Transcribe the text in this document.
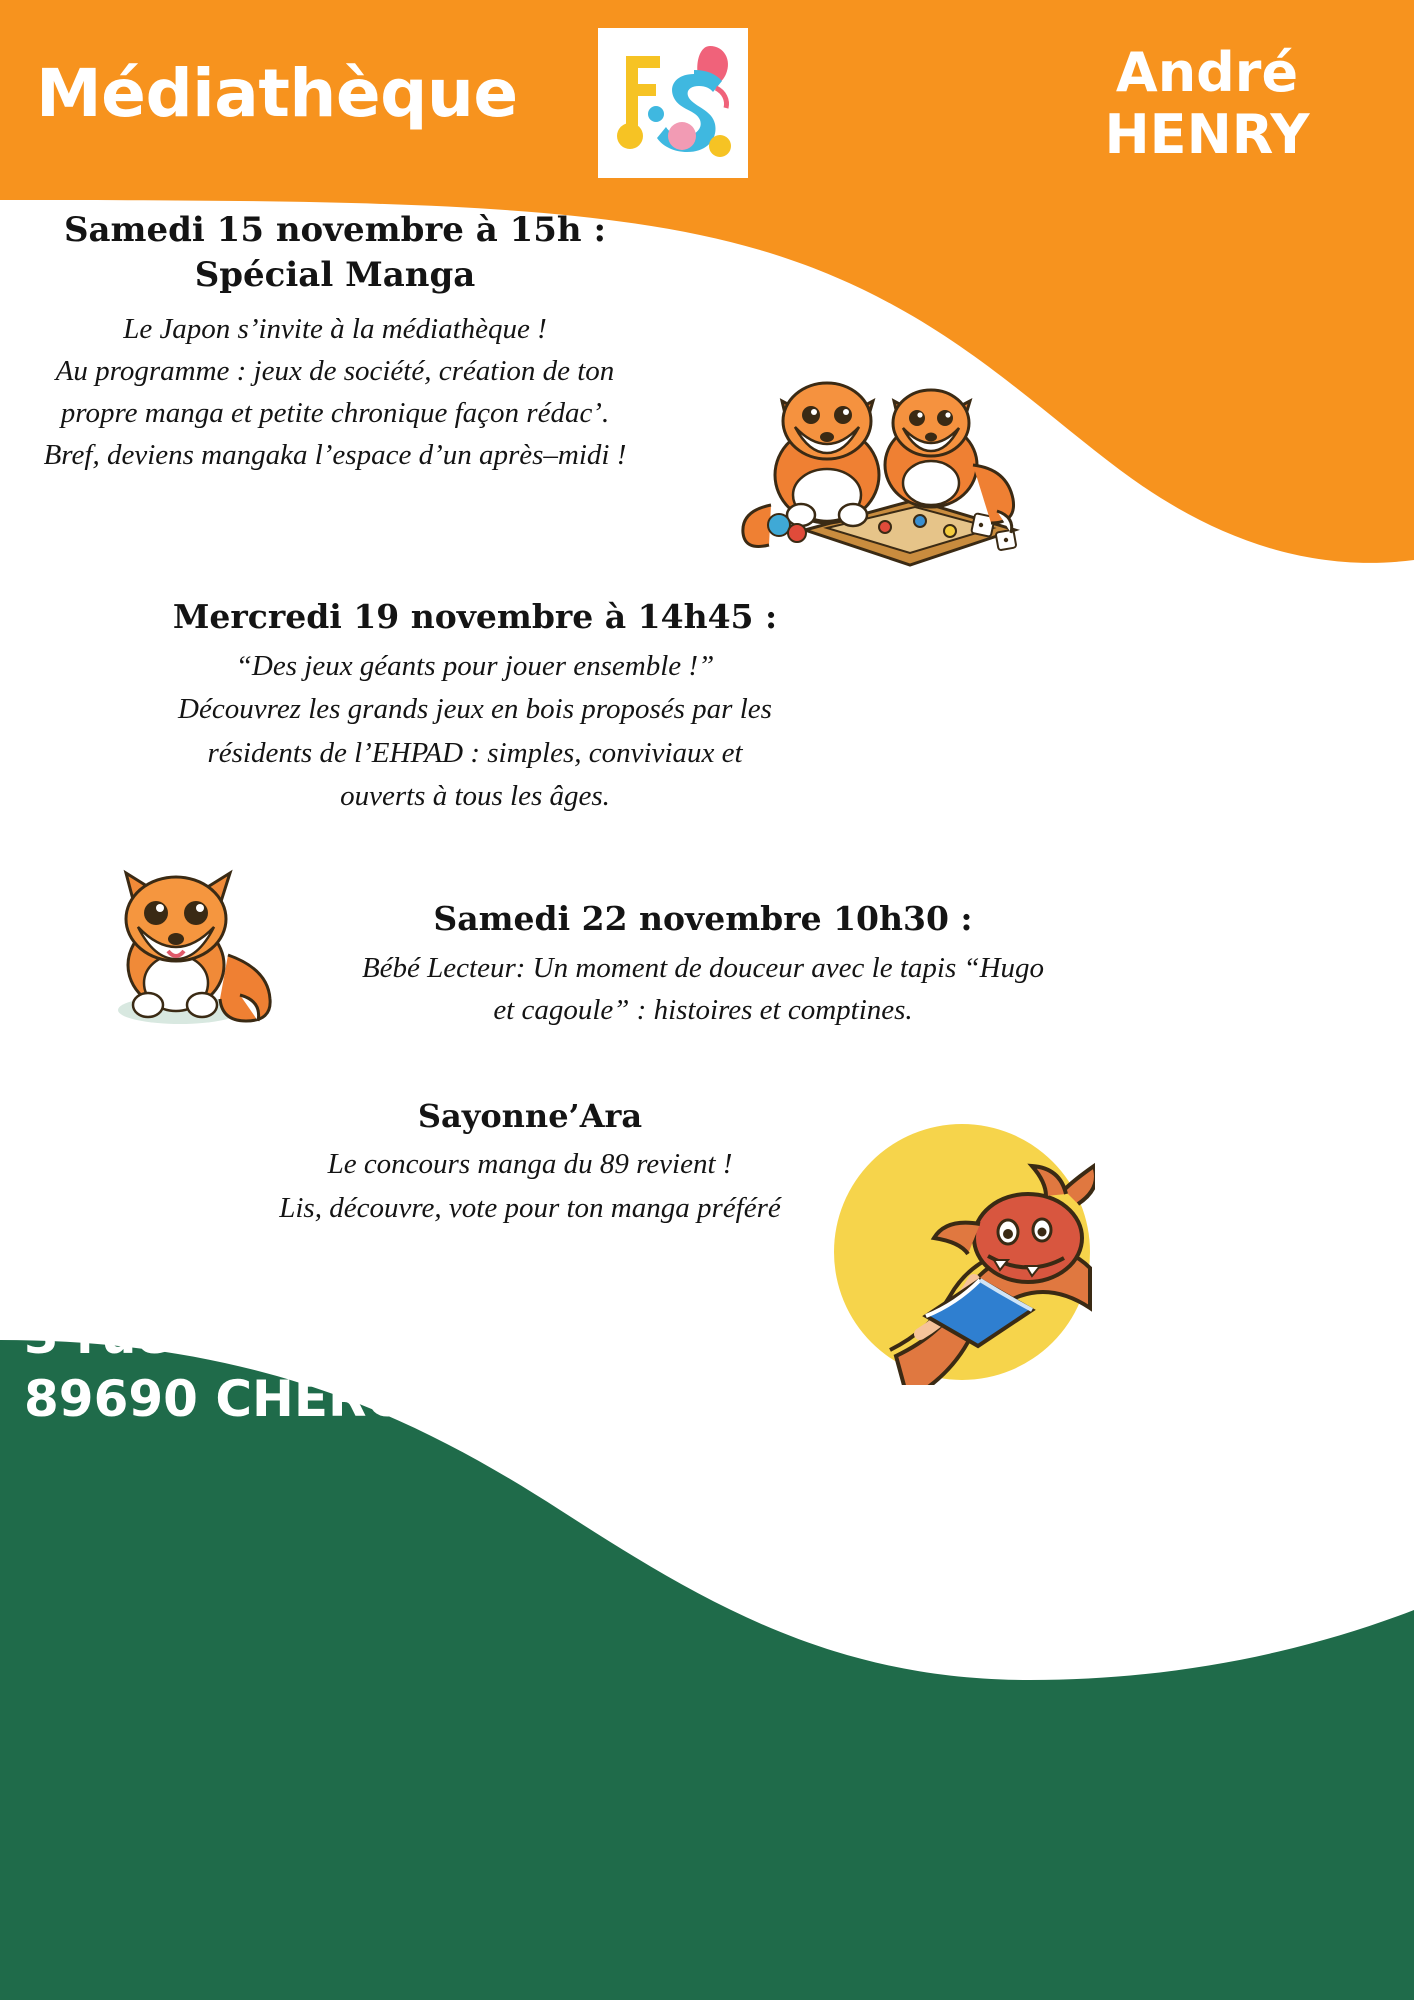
Médiathèque	André
HENRY
Samedi 15 novembre à 15h : Spécial Manga
Le Japon s’invite à la médiathèque !
Au programme : jeux de société, création de ton
propre manga et petite chronique façon rédac’.
Bref, deviens mangaka l’espace d’un après–midi !
Mercredi 19 novembre à 14h45 :
“Des jeux géants pour jouer ensemble !”
Découvrez les grands jeux en bois proposés par les
résidents de l’EHPAD : simples, conviviaux et
ouverts à tous les âges.
Samedi 22 novembre 10h30 :
Bébé Lecteur: Un moment de douceur avec le tapis “Hugo
et cagoule” : histoires et comptines.
Sayonne’Ara
Le concours manga du 89 revient !
Lis, découvre, vote pour ton manga préféré
3 rue Hoche
89690 CHEROY	03.86.96.09.07.
mediatheque@mairie-cheroy.fr
https://cheroy.bibli.fr
